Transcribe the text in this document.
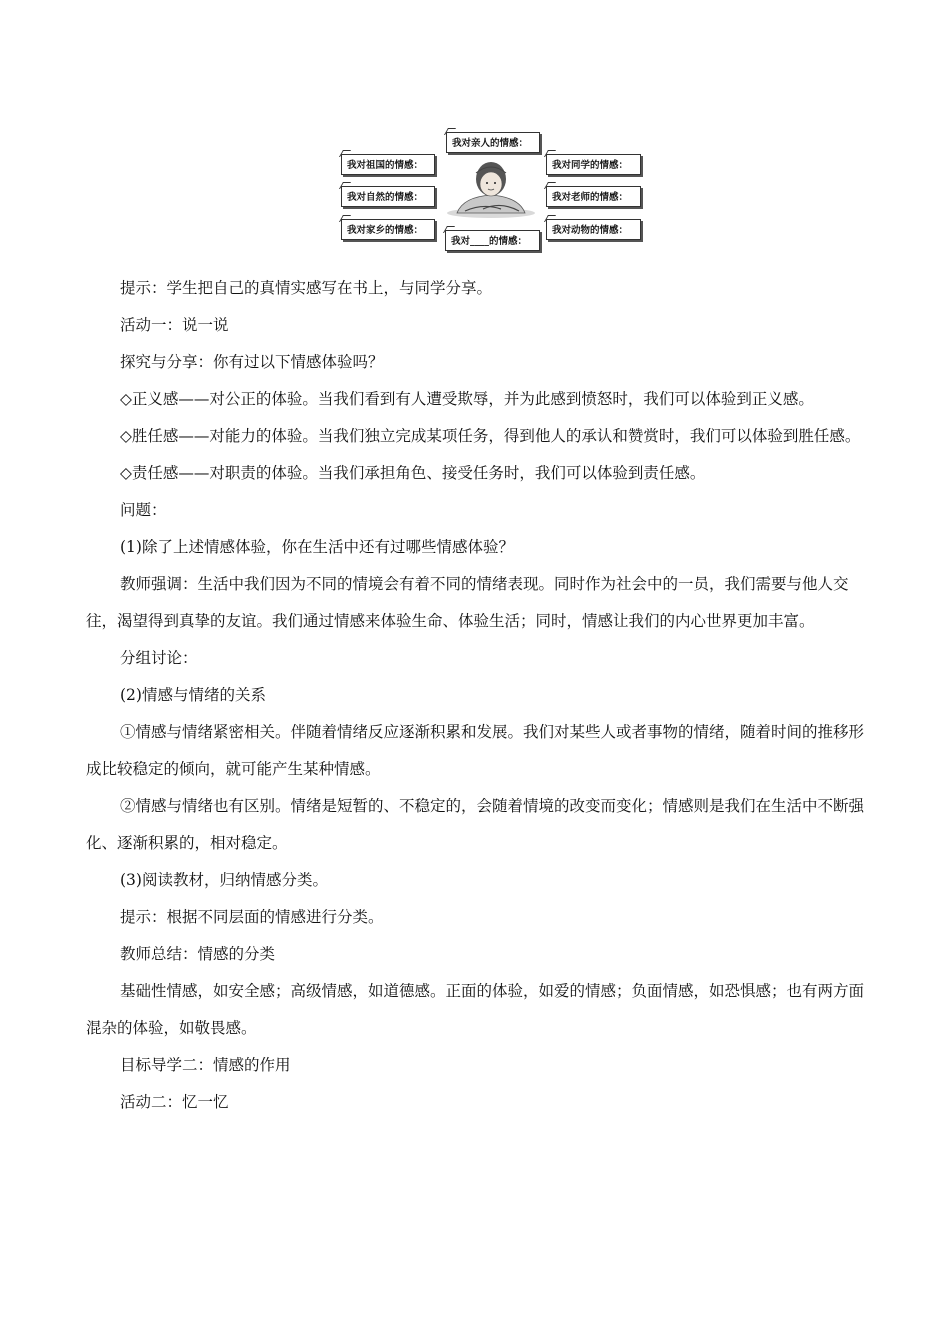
我对亲人的情感：
我对祖国的情感：	我对同学的情感：
我对自然的情感：	我对老师的情感：
我对家乡的情感：
我对____的情感：
我对动物的情感：

提示：学生把自己的真情实感写在书上，与同学分享。

活动一：说一说

探究与分享：你有过以下情感体验吗？

◇正义感——对公正的体验。当我们看到有人遭受欺辱，并为此感到愤怒时，我们可以体验到正义感。

◇胜任感——对能力的体验。当我们独立完成某项任务，得到他人的承认和赞赏时，我们可以体验到胜任感。

◇责任感——对职责的体验。当我们承担角色、接受任务时，我们可以体验到责任感。

问题：

(1)除了上述情感体验，你在生活中还有过哪些情感体验？

教师强调：生活中我们因为不同的情境会有着不同的情绪表现。同时作为社会中的一员，我们需要与他人交往，渴望得到真挚的友谊。我们通过情感来体验生命、体验生活；同时，情感让我们的内心世界更加丰富。

分组讨论：

(2)情感与情绪的关系

①情感与情绪紧密相关。伴随着情绪反应逐渐积累和发展。我们对某些人或者事物的情绪，随着时间的推移形成比较稳定的倾向，就可能产生某种情感。

②情感与情绪也有区别。情绪是短暂的、不稳定的，会随着情境的改变而变化；情感则是我们在生活中不断强化、逐渐积累的，相对稳定。

(3)阅读教材，归纳情感分类。

提示：根据不同层面的情感进行分类。

教师总结：情感的分类

基础性情感，如安全感；高级情感，如道德感。正面的体验，如爱的情感；负面情感，如恐惧感；也有两方面混杂的体验，如敬畏感。

目标导学二：情感的作用

活动二：忆一忆
